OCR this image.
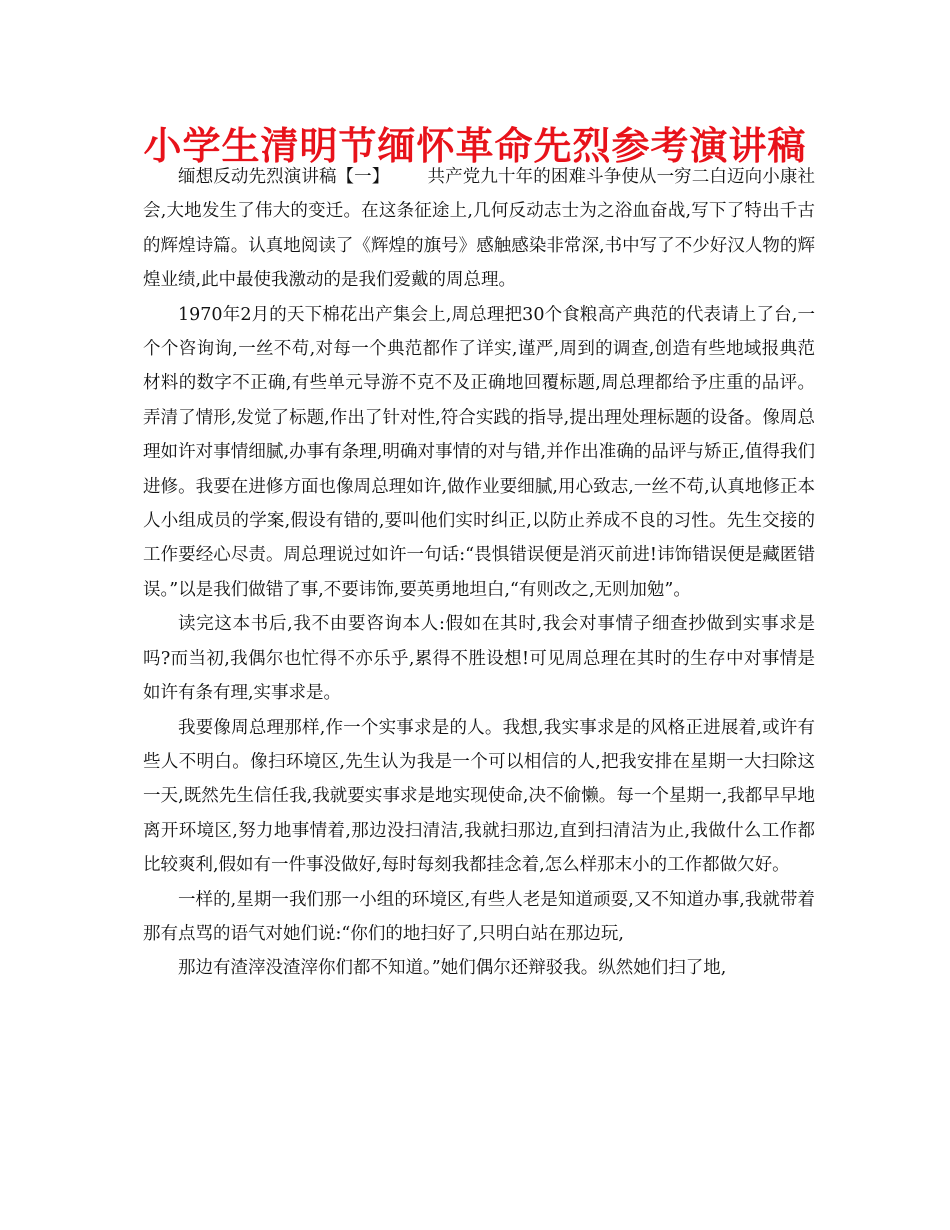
小学生清明节缅怀革命先烈参考演讲稿

缅想反动先烈演讲稿【一】 共产党九十年的困难斗争使从一穷二白迈向小康社会,大地发生了伟大的变迁。在这条征途上,几何反动志士为之浴血奋战,写下了特出千古的辉煌诗篇。认真地阅读了《辉煌的旗号》感触感染非常深,书中写了不少好汉人物的辉煌业绩,此中最使我激动的是我们爱戴的周总理。

1970年2月的天下棉花出产集会上,周总理把30个食粮高产典范的代表请上了台,一个个咨询询,一丝不苟,对每一个典范都作了详实,谨严,周到的调查,创造有些地域报典范材料的数字不正确,有些单元导游不克不及正确地回覆标题,周总理都给予庄重的品评。弄清了情形,发觉了标题,作出了针对性,符合实践的指导,提出理处理标题的设备。像周总理如许对事情细腻,办事有条理,明确对事情的对与错,并作出准确的品评与矫正,值得我们进修。我要在进修方面也像周总理如许,做作业要细腻,用心致志,一丝不苟,认真地修正本人小组成员的学案,假设有错的,要叫他们实时纠正,以防止养成不良的习性。先生交接的工作要经心尽责。周总理说过如许一句话:“畏惧错误便是消灭前进!讳饰错误便是藏匿错误。”以是我们做错了事,不要讳饰,要英勇地坦白,“有则改之,无则加勉”。

读完这本书后,我不由要咨询本人:假如在其时,我会对事情子细查抄做到实事求是吗?而当初,我偶尔也忙得不亦乐乎,累得不胜设想!可见周总理在其时的生存中对事情是如许有条有理,实事求是。

我要像周总理那样,作一个实事求是的人。我想,我实事求是的风格正进展着,或许有些人不明白。像扫环境区,先生认为我是一个可以相信的人,把我安排在星期一大扫除这一天,既然先生信任我,我就要实事求是地实现使命,决不偷懒。每一个星期一,我都早早地离开环境区,努力地事情着,那边没扫清洁,我就扫那边,直到扫清洁为止,我做什么工作都比较爽利,假如有一件事没做好,每时每刻我都挂念着,怎么样那末小的工作都做欠好。

一样的,星期一我们那一小组的环境区,有些人老是知道顽耍,又不知道办事,我就带着那有点骂的语气对她们说:“你们的地扫好了,只明白站在那边玩,

那边有渣滓没渣滓你们都不知道。”她们偶尔还辩驳我。纵然她们扫了地,
